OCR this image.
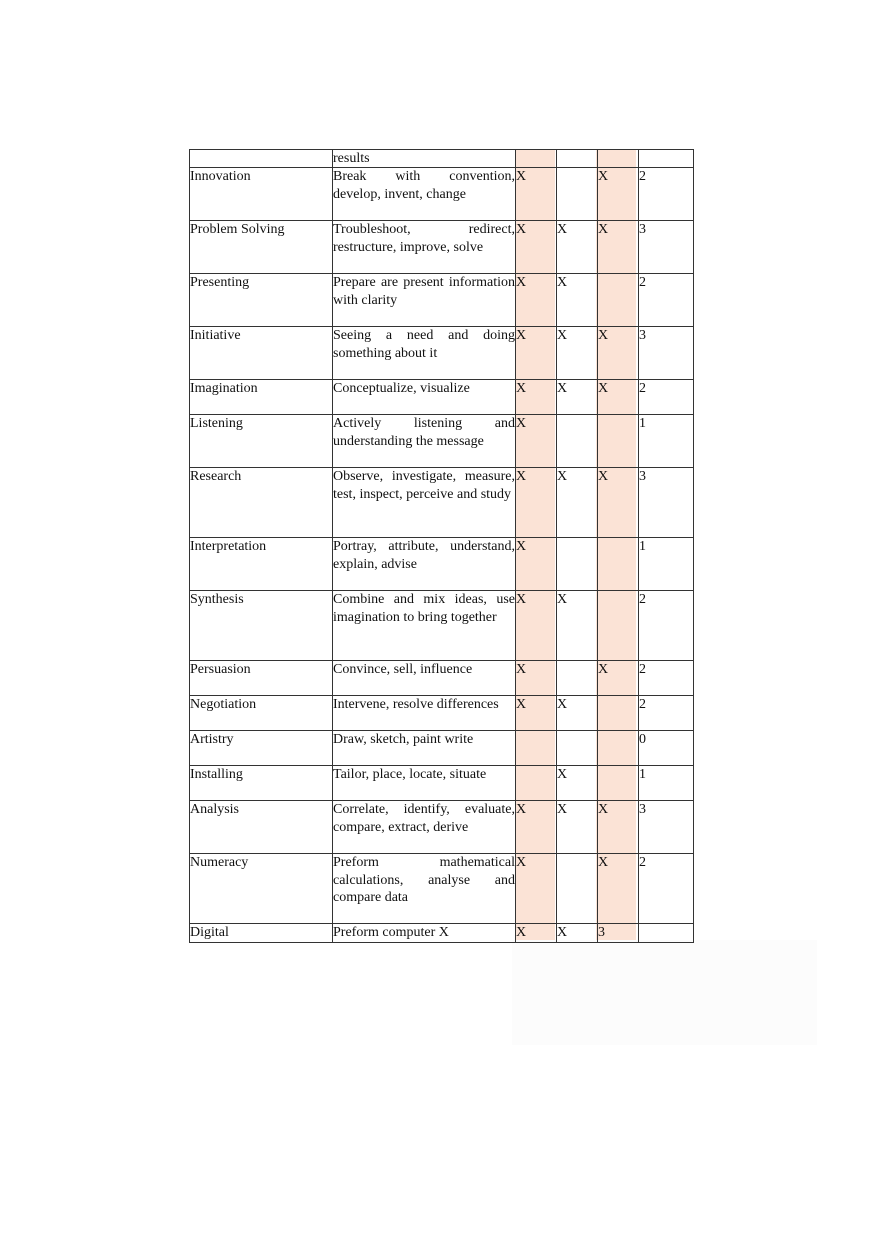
	results				

Innovation	Break with convention, develop, invent, change	X		X	2
Problem Solving	Troubleshoot, redirect, restructure, improve, solve	X	X	X	3
Presenting	Prepare are present information with clarity	X	X		2
Initiative	Seeing a need and doing something about it	X	X	X	3
Imagination	Conceptualize, visualize	X	X	X	2
Listening	Actively listening and understanding the message	X			1
Research	Observe, investigate, measure, test, inspect, perceive and study	X	X	X	3
Interpretation	Portray, attribute, understand, explain, advise	X			1
Synthesis	Combine and mix ideas, use imagination to bring together	X	X		2
Persuasion	Convince, sell, influence	X		X	2
Negotiation	Intervene, resolve differences	X	X		2
Artistry	Draw, sketch, paint write				0
Installing	Tailor, place, locate, situate		X		1
Analysis	Correlate, identify, evaluate, compare, extract, derive	X	X	X	3
Numeracy	Preform mathematical calculations, analyse and compare data	X		X	2
Digital	Preform computer X	X	X	3	
